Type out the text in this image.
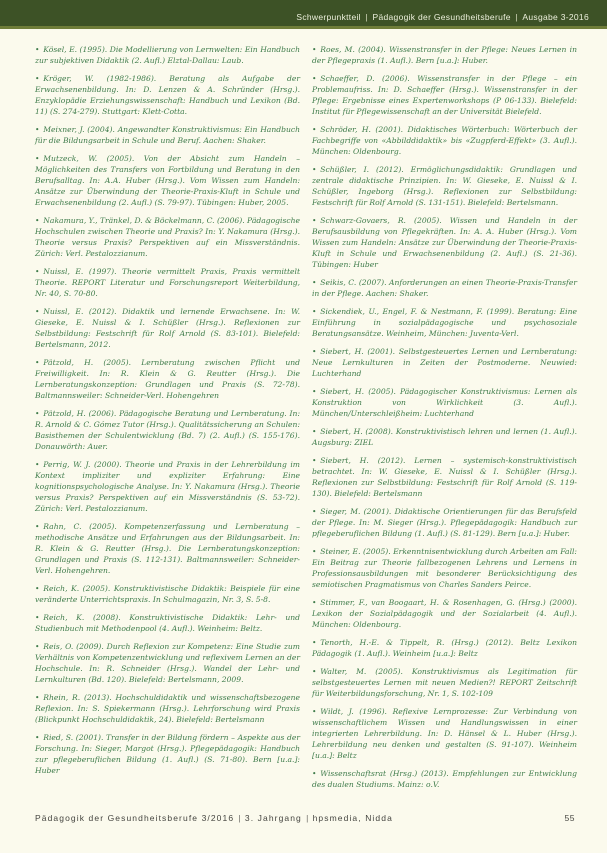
Schwerpunktteil	 | Pädagogik der Gesundheitsberufe	 | Ausgabe 3-2016

• Kösel, E. (1995). Die Modellierung von Lernwelten: Ein Handbuch zur subjektiven Didaktik (2. Aufl.) Elztal-Dallau: Laub.

• Kröger, W. (1982-1986). Beratung als Aufgabe der Erwachsenenbildung. In: D. Lenzen & A. Schründer (Hrsg.). Enzyklopädie Erziehungswissenschaft: Handbuch und Lexikon (Bd. 11) (S. 274-279). Stuttgart: Klett-Cotta.

• Meixner, J. (2004). Angewandter Konstruktivismus: Ein Handbuch für die Bildungsarbeit in Schule und Beruf. Aachen: Shaker.

• Mutzeck, W. (2005). Von der Absicht zum Handeln – Möglichkeiten des Transfers von Fortbildung und Beratung in den Berufsalltag. In: A.A. Huber (Hrsg.). Vom Wissen zum Handeln: Ansätze zur Überwindung der Theorie-Praxis-Kluft in Schule und Erwachsenenbildung (2. Aufl.) (S. 79-97). Tübingen: Huber, 2005.

• Nakamura, Y., Tränkel, D. & Böckelmann, C. (2006). Pädagogische Hochschulen zwischen Theorie und Praxis? In: Y. Nakamura (Hrsg.). Theorie versus Praxis? Perspektiven auf ein Missverständnis. Zürich: Verl. Pestalozzianum.

• Nuissl, E. (1997). Theorie vermittelt Praxis, Praxis vermittelt Theorie. REPORT Literatur und Forschungsreport Weiterbildung, Nr. 40, S. 70-80.

• Nuissl, E. (2012). Didaktik und lernende Erwachsene. In: W. Gieseke, E. Nuissl & I. Schüßler (Hrsg.). Reflexionen zur Selbstbildung: Festschrift für Rolf Arnold (S. 83-101). Bielefeld: Bertelsmann, 2012.

• Pätzold, H. (2005). Lernberatung zwischen Pflicht und Freiwilligkeit. In: R. Klein & G. Reutter (Hrsg.). Die Lernberatungskonzeption: Grundlagen und Praxis (S. 72-78). Baltmannsweiler: Schneider-Verl. Hohengehren

• Pätzold, H. (2006). Pädagogische Beratung und Lernberatung. In: R. Arnold & C. Gómez Tutor (Hrsg.). Qualitätssicherung an Schulen: Basisthemen der Schulentwicklung (Bd. 7) (2. Aufl.) (S. 155-176). Donauwörth: Auer.

• Perrig, W. J. (2000). Theorie und Praxis in der Lehrerbildung im Kontext impliziter und expliziter Erfahrung: Eine kognitionspsychologische Analyse. In: Y. Nakamura (Hrsg.). Theorie versus Praxis? Perspektiven auf ein Missverständnis (S. 53-72). Zürich: Verl. Pestalozzianum.

• Rahn, C. (2005). Kompetenzerfassung und Lernberatung – methodische Ansätze und Erfahrungen aus der Bildungsarbeit. In: R. Klein & G. Reutter (Hrsg.). Die Lernberatungskonzeption: Grundlagen und Praxis (S. 112-131). Baltmannsweiler: Schneider-Verl. Hohengehren.

• Reich, K. (2005). Konstruktivistische Didaktik: Beispiele für eine veränderte Unterrichtspraxis. In Schulmagazin, Nr. 3, S. 5-8.

• Reich, K. (2008). Konstruktivistische Didaktik: Lehr- und Studienbuch mit Methodenpool (4. Aufl.). Weinheim: Beltz.

• Reis, O. (2009). Durch Reflexion zur Kompetenz: Eine Studie zum Verhältnis von Kompetenzentwicklung und reflexivem Lernen an der Hochschule. In: R. Schneider (Hrsg.). Wandel der Lehr- und Lernkulturen (Bd. 120). Bielefeld: Bertelsmann, 2009.

• Rhein, R. (2013). Hochschuldidaktik und wissenschaftsbezogene Reflexion. In: S. Spiekermann (Hrsg.). Lehrforschung wird Praxis (Blickpunkt Hochschuldidaktik, 24). Bielefeld: Bertelsmann

• Ried, S. (2001). Transfer in der Bildung fördern – Aspekte aus der Forschung. In: Sieger, Margot (Hrsg.). Pflegepädagogik: Handbuch zur pflegeberuflichen Bildung (1. Aufl.) (S. 71-80). Bern [u.a.]: Huber

• Roes, M. (2004). Wissenstransfer in der Pflege: Neues Lernen in der Pflegepraxis (1. Aufl.). Bern [u.a.]: Huber.

• Schaeffer, D. (2006). Wissenstransfer in der Pflege – ein Problemaufriss. In: D. Schaeffer (Hrsg.). Wissenstransfer in der Pflege: Ergebnisse eines Expertenworkshops (P 06-133). Bielefeld: Institut für Pflegewissenschaft an der Universität Bielefeld.

• Schröder, H. (2001). Didaktisches Wörterbuch: Wörterbuch der Fachbegriffe von «Abbilddidaktik» bis «Zugpferd-Effekt» (3. Aufl.). München: Oldenbourg.

• Schüßler, I. (2012). Ermöglichungsdidaktik: Grundlagen und zentrale didaktische Prinzipien. In: W. Gieseke, E. Nuissl & I. Schüßler, Ingeborg (Hrsg.). Reflexionen zur Selbstbildung: Festschrift für Rolf Arnold (S. 131-151). Bielefeld: Bertelsmann.

• Schwarz-Govaers, R. (2005). Wissen und Handeln in der Berufsausbildung von Pflegekräften. In: A. A. Huber (Hrsg.). Vom Wissen zum Handeln: Ansätze zur Überwindung der Theorie-Praxis-Kluft in Schule und Erwachsenenbildung (2. Aufl.) (S. 21-36). Tübingen: Huber

• Seikis, C. (2007). Anforderungen an einen Theorie-Praxis-Transfer in der Pflege. Aachen: Shaker.

• Sickendiek, U., Engel, F. & Nestmann, F. (1999). Beratung: Eine Einführung in sozialpädagogische und psychosoziale Beratungsansätze. Weinheim, München: Juventa-Verl.

• Siebert, H. (2001). Selbstgesteuertes Lernen und Lernberatung: Neue Lernkulturen in Zeiten der Postmoderne. Neuwied: Luchterhand

• Siebert, H. (2005). Pädagogischer Konstruktivismus: Lernen als Konstruktion von Wirklichkeit (3. Aufl.). München/Unterschleißheim: Luchterhand

• Siebert, H. (2008). Konstruktivistisch lehren und lernen (1. Aufl.). Augsburg: ZIEL

• Siebert, H. (2012). Lernen – systemisch-konstruktivistisch betrachtet. In: W. Gieseke, E. Nuissl & I. Schüßler (Hrsg.). Reflexionen zur Selbstbildung: Festschrift für Rolf Arnold (S. 119-130). Bielefeld: Bertelsmann

• Sieger, M. (2001). Didaktische Orientierungen für das Berufsfeld der Pflege. In: M. Sieger (Hrsg.). Pflegepädagogik: Handbuch zur pflegeberuflichen Bildung (1. Aufl.) (S. 81-129). Bern [u.a.]: Huber.

• Steiner, E. (2005). Erkenntnisentwicklung durch Arbeiten am Fall: Ein Beitrag zur Theorie fallbezogenen Lehrens und Lernens in Professionsausbildungen mit besonderer Berücksichtigung des semiotischen Pragmatismus von Charles Sanders Peirce.

• Stimmer, F., van Boogaart, H. & Rosenhagen, G. (Hrsg.) (2000). Lexikon der Sozialpädagogik und der Sozialarbeit (4. Aufl.). München: Oldenbourg.

• Tenorth, H.-E. & Tippelt, R. (Hrsg.) (2012). Beltz Lexikon Pädagogik (1. Aufl.). Weinheim [u.a.]: Beltz

• Walter, M. (2005). Konstruktivismus als Legitimation für selbstgesteuertes Lernen mit neuen Medien?! REPORT Zeitschrift für Weiterbildungsforschung, Nr. 1, S. 102-109

• Wildt, J. (1996). Reflexive Lernprozesse: Zur Verbindung von wissenschaftlichem Wissen und Handlungswissen in einer integrierten Lehrerbildung. In: D. Hänsel & L. Huber (Hrsg.). Lehrerbildung neu denken und gestalten (S. 91-107). Weinheim [u.a.]: Beltz

• Wissenschaftsrat (Hrsg.) (2013). Empfehlungen zur Entwicklung des dualen Studiums. Mainz: o.V.

Pädagogik der Gesundheitsberufe 3/2016	 | 3. Jahrgang	 | hpsmedia, Nidda	55
